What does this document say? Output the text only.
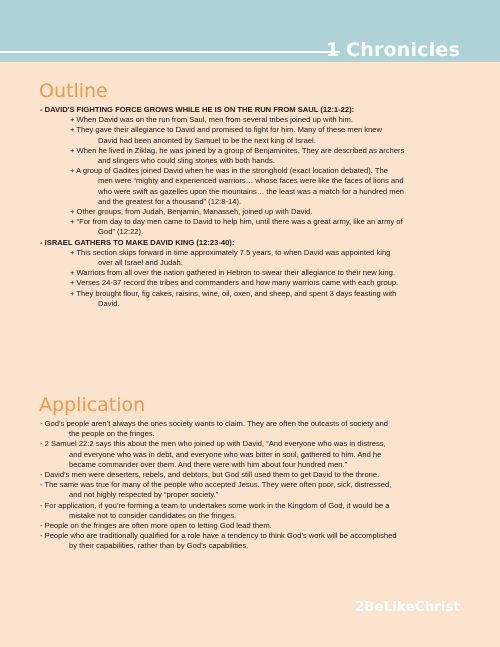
1 Chronicles
Outline
- DAVID'S FIGHTING FORCE GROWS WHILE HE IS ON THE RUN FROM SAUL (12:1-22):
+ When David was on the run from Saul, men from several tribes joined up with him.
+ They gave their allegiance to David and promised to fight for him. Many of these men knew
David had been anointed by Samuel to be the next king of Israel.
+ When he lived in Ziklag, he was joined by a group of Benjaminites. They are described as archers
and slingers who could sling stones with both hands.
+ A group of Gadites joined David when he was in the stronghold (exact location debated). The
men were “mighty and experienced warriors… whose faces were like the faces of lions and
who were swift as gazelles upon the mountains… the least was a match for a hundred men
and the greatest for a thousand” (12:8-14).
+ Other groups, from Judah, Benjamin, Manasseh, joined up with David.
+ “For from day to day men came to David to help him, until there was a great army, like an army of
God” (12:22).
- ISRAEL GATHERS TO MAKE DAVID KING (12:23-40):
+ This section skips forward in time approximately 7.5 years, to when David was appointed king
over all Israel and Judah.
+ Warriors from all over the nation gathered in Hebron to swear their allegiance to their new king.
+ Verses 24-37 record the tribes and commanders and how many warriors came with each group.
+ They brought flour, fig cakes, raisins, wine, oil, oxen, and sheep, and spent 3 days feasting with
David.
Application
- God’s people aren’t always the ones society wants to claim. They are often the outcasts of society and
the people on the fringes.
- 2 Samuel 22:2 says this about the men who joined up with David, “And everyone who was in distress,
and everyone who was in debt, and everyone who was bitter in soul, gathered to him. And he
became commander over them. And there were with him about four hundred men.”
- David’s men were deserters, rebels, and debtors, but God still used them to get David to the throne.
- The same was true for many of the people who accepted Jesus. They were often poor, sick, distressed,
and not highly respected by “proper society.”
- For application, if you’re forming a team to undertakes some work in the Kingdom of God, it would be a
mistake not to consider candidates on the fringes.
- People on the fringes are often more open to letting God lead them.
- People who are traditionally qualified for a role have a tendency to think God’s work will be accomplished
by their capabilities, rather than by God’s capabilities.
2BeLikeChrist
